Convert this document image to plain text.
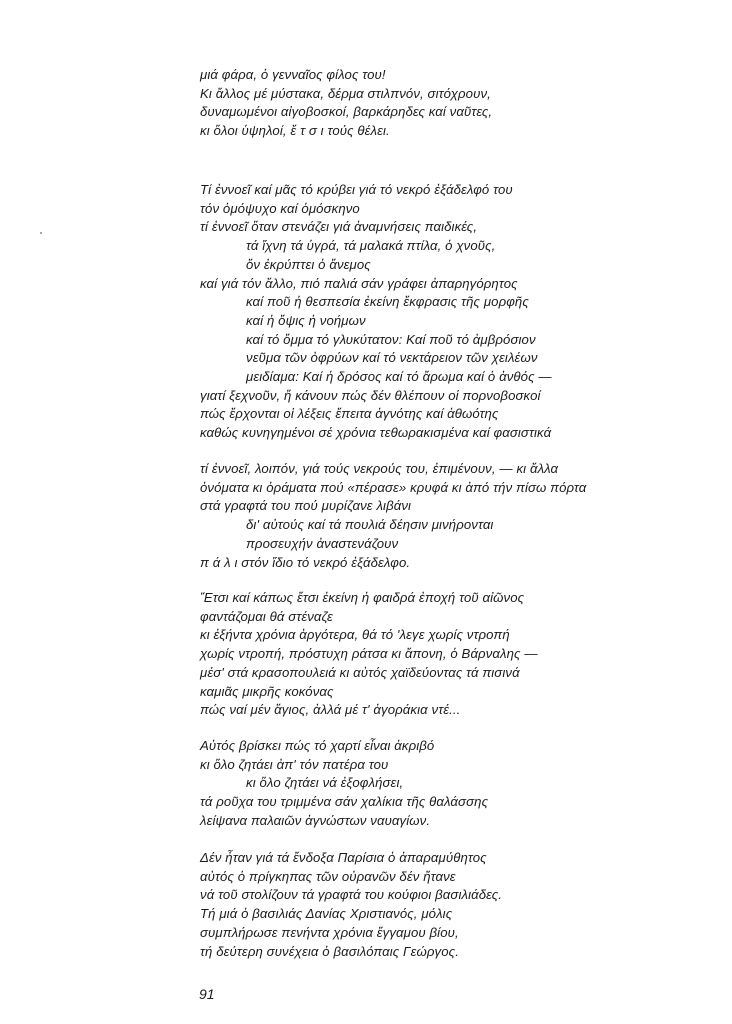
μιά φάρα, ὁ γενναῖος φίλος του!
Κι ἄλλος μέ μύστακα, δέρμα στιλπνόν, σιτόχρουν,
δυναμωμένοι αἰγοβοσκοί, βαρκάρηδες καί ναῦτες,
κι ὅλοι ὑψηλοί, ἔ τ σ ι τούς θέλει.
Τί ἐννοεῖ καί μᾶς τό κρύβει γιά τό νεκρό ἐξάδελφό του
τόν ὁμόψυχο καί ὁμόσκηνο
τί ἐννοεῖ ὅταν στενάζει γιά ἀναμνήσεις παιδικές,
τά ἴχνη τά ὑγρά, τά μαλακά πτίλα, ὁ χνοῦς,
ὅν ἐκρύπτει ὁ ἄνεμος
καί γιά τόν ἄλλο, πιό παλιά σάν γράφει ἀπαρηγόρητος
καί ποῦ ἡ θεσπεσία ἐκείνη ἔκφρασις τῆς μορφῆς
καί ἡ ὄψις ἡ νοήμων
καί τό ὄμμα τό γλυκύτατον: Καί ποῦ τό ἀμβρόσιον
νεῦμα τῶν ὀφρύων καί τό νεκτάρειον τῶν χειλέων
μειδίαμα: Καί ἡ δρόσος καί τό ἄρωμα καί ὁ ἀνθός —
γιατί ξεχνοῦν, ἤ κάνουν πώς δέν θλέπουν οἱ πορνοβοσκοί
πώς ἔρχονται οἱ λέξεις ἔπειτα ἀγνότης καί ἀθωότης
καθώς κυνηγημένοι σέ χρόνια τεθωρακισμένα καί φασιστικά
τί ἐννοεῖ, λοιπόν, γιά τούς νεκρούς του, ἐπιμένουν, — κι ἄλλα
ὀνόματα κι ὁράματα πού «πέρασε» κρυφά κι ἀπό τήν πίσω πόρτα
στά γραφτά του πού μυρίζανε λιβάνι
δι' αὐτούς καί τά πουλιά δέησιν μινήρονται
προσευχήν ἀναστενάζουν
π ά λ ι στόν ἴδιο τό νεκρό ἐξάδελφο.
Ἔτσι καί κάπως ἔτσι ἐκείνη ἡ φαιδρά ἐποχή τοῦ αἰῶνος
φαντάζομαι θά στέναζε
κι ἐξήντα χρόνια ἀργότερα, θά τό 'λεγε χωρίς ντροπή
χωρίς ντροπή, πρόστυχη ράτσα κι ἄπονη, ὁ Βάρναλης —
μέσ' στά κρασοπουλειά κι αὐτός χαϊδεύοντας τά πισινά
καμιᾶς μικρῆς κοκόνας
πώς ναί μέν ἅγιος, ἀλλά μέ τ' ἀγοράκια ντέ...
Αὐτός βρίσκει πώς τό χαρτί εἶναι ἀκριβό
κι ὅλο ζητάει ἀπ' τόν πατέρα του
κι ὅλο ζητάει νά ἐξοφλήσει,
τά ροῦχα του τριμμένα σάν χαλίκια τῆς θαλάσσης
λείψανα παλαιῶν ἀγνώστων ναυαγίων.
Δέν ἦταν γιά τά ἔνδοξα Παρίσια ὁ ἀπαραμύθητος
αὐτός ὁ πρίγκηπας τῶν οὐρανῶν δέν ἤτανε
νά τοῦ στολίζουν τά γραφτά του κούφιοι βασιλιάδες.
Τή μιά ὁ βασιλιάς Δανίας Χριστιανός, μόλις
συμπλήρωσε πενήντα χρόνια ἔγγαμου βίου,
τή δεύτερη συνέχεια ὁ βασιλόπαις Γεώργος.
91
